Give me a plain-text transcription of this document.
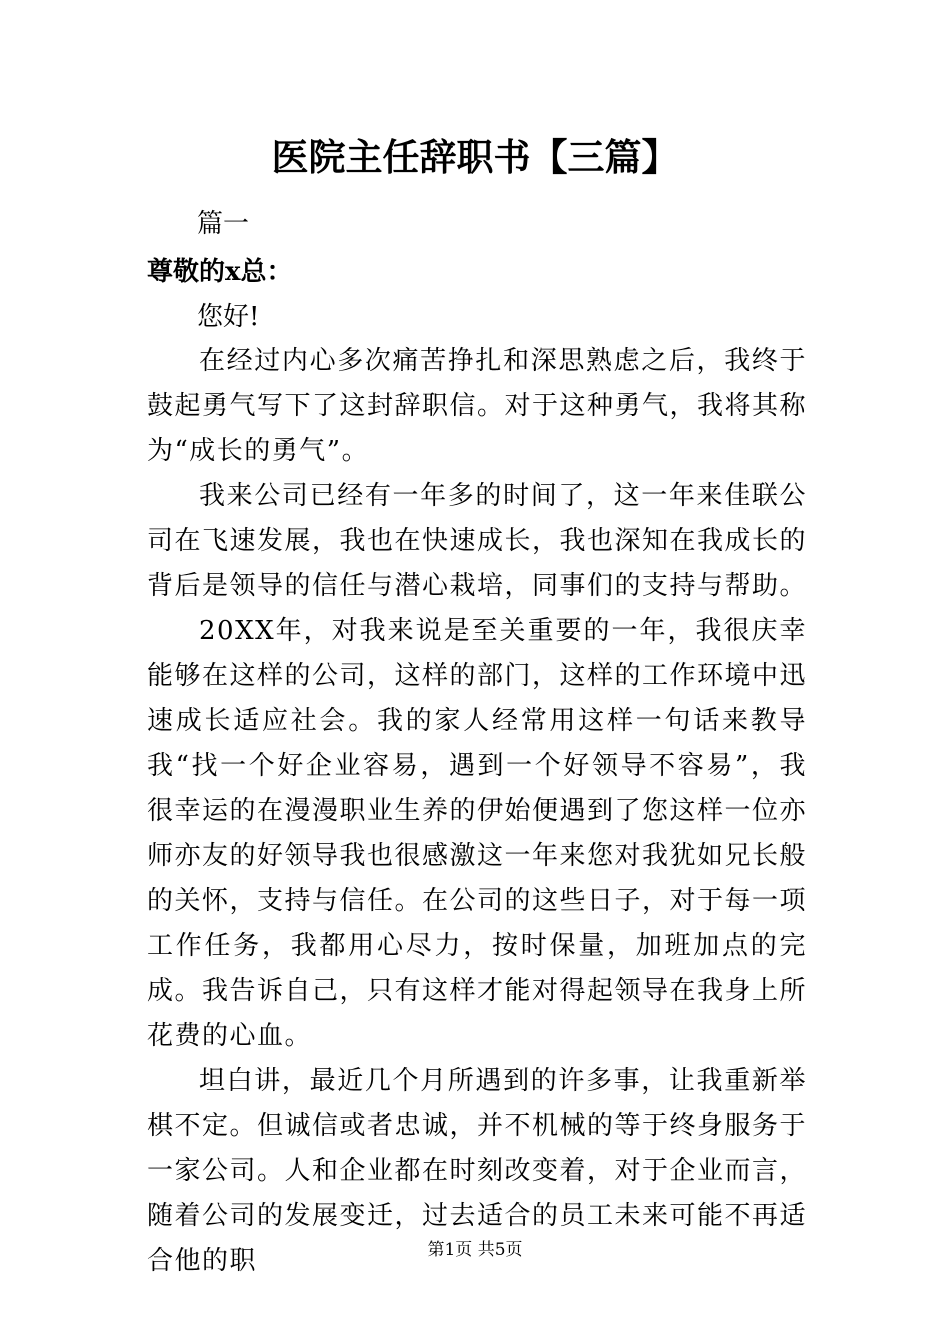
医院主任辞职书【三篇】
篇一
尊敬的x总：
您好!

在经过内心多次痛苦挣扎和深思熟虑之后，我终于鼓起勇气写下了这封辞职信。对于这种勇气，我将其称为“成长的勇气”。

我来公司已经有一年多的时间了，这一年来佳联公司在飞速发展，我也在快速成长，我也深知在我成长的背后是领导的信任与潜心栽培，同事们的支持与帮助。

20XX年，对我来说是至关重要的一年，我很庆幸能够在这样的公司，这样的部门，这样的工作环境中迅速成长适应社会。我的家人经常用这样一句话来教导我“找一个好企业容易，遇到一个好领导不容易”，我很幸运的在漫漫职业生养的伊始便遇到了您这样一位亦师亦友的好领导我也很感激这一年来您对我犹如兄长般的关怀，支持与信任。在公司的这些日子，对于每一项工作任务，我都用心尽力，按时保量，加班加点的完成。我告诉自己，只有这样才能对得起领导在我身上所花费的心血。

坦白讲，最近几个月所遇到的许多事，让我重新举棋不定。但诚信或者忠诚，并不机械的等于终身服务于一家公司。人和企业都在时刻改变着，对于企业而言，随着公司的发展变迁，过去适合的员工未来可能不再适合他的职	第1页 共5页
